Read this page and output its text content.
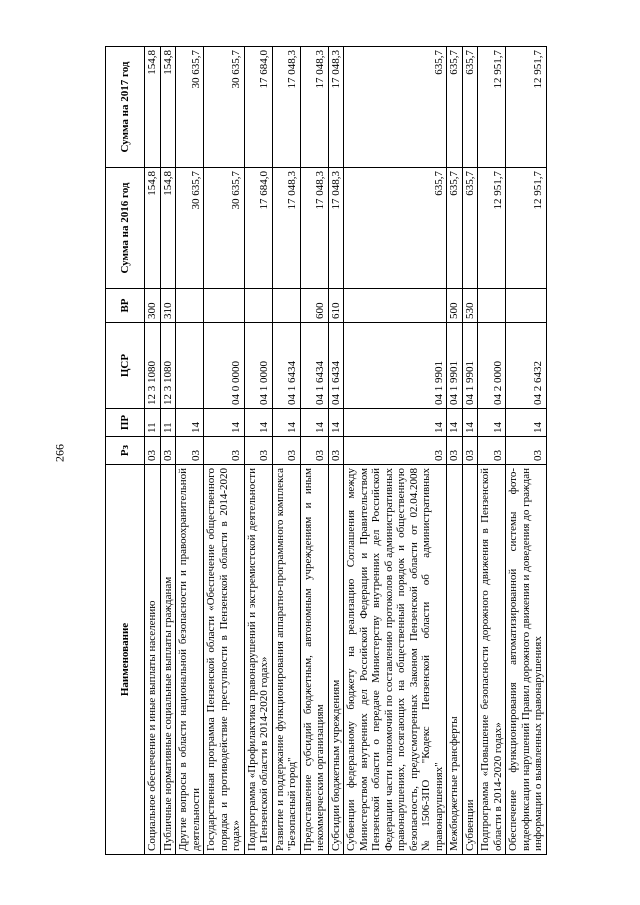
266
Наименование	Рз	ПР	ЦСР	ВР	Сумма на 2016 год	Сумма на 2017 год
Социальное обеспечение и иные выплаты населению	03	11	12 3 1080	300	154,8	154,8
Публичные нормативные социальные выплаты гражданам	03	11	12 3 1080	310	154,8	154,8
Другие вопросы в области национальной безопасности и правоохранительной деятельности	03	14			30 635,7	30 635,7
Государственная программа Пензенской области «Обеспечение общественного порядка и противодействие преступности в Пензенской области в 2014-2020 годах»	03	14	04 0 0000		30 635,7	30 635,7
Подпрограмма «Профилактика правонарушений и экстремистской деятельности в Пензенской области в 2014-2020 годах»	03	14	04 1 0000		17 684,0	17 684,0
Развитие и поддержание функционирования аппаратно-программного комплекса "Безопасный город"	03	14	04 1 6434		17 048,3	17 048,3
Предоставление субсидий бюджетным, автономным учреждениям и иным некоммерческим организациям	03	14	04 1 6434	600	17 048,3	17 048,3
Субсидии бюджетным учреждениям	03	14	04 1 6434	610	17 048,3	17 048,3
Субвенции федеральному бюджету на реализацию Соглашения между Министерством внутренних дел Российской Федерации и Правительством Пензенской области о передаче Министерству внутренних дел Российской Федерации части полномочий по составлению протоколов об административных правонарушениях, посягающих на общественный порядок и общественную безопасность, предусмотренных Законом Пензенской области от 02.04.2008 №1506-ЗПО "Кодекс Пензенской области об административных правонарушениях"	03	14	04 1 9901		635,7	635,7
Межбюджетные трансферты	03	14	04 1 9901	500	635,7	635,7
Субвенции	03	14	04 1 9901	530	635,7	635,7
Подпрограмма «Повышение безопасности дорожного движения в Пензенской области в 2014-2020 годах»	03	14	04 2 0000		12 951,7	12 951,7
Обеспечение функционирования автоматизированной системы фото-видеофиксации нарушений Правил дорожного движения и доведения до граждан информации о выявленных правонарушениях	03	14	04 2 6432		12 951,7	12 951,7
